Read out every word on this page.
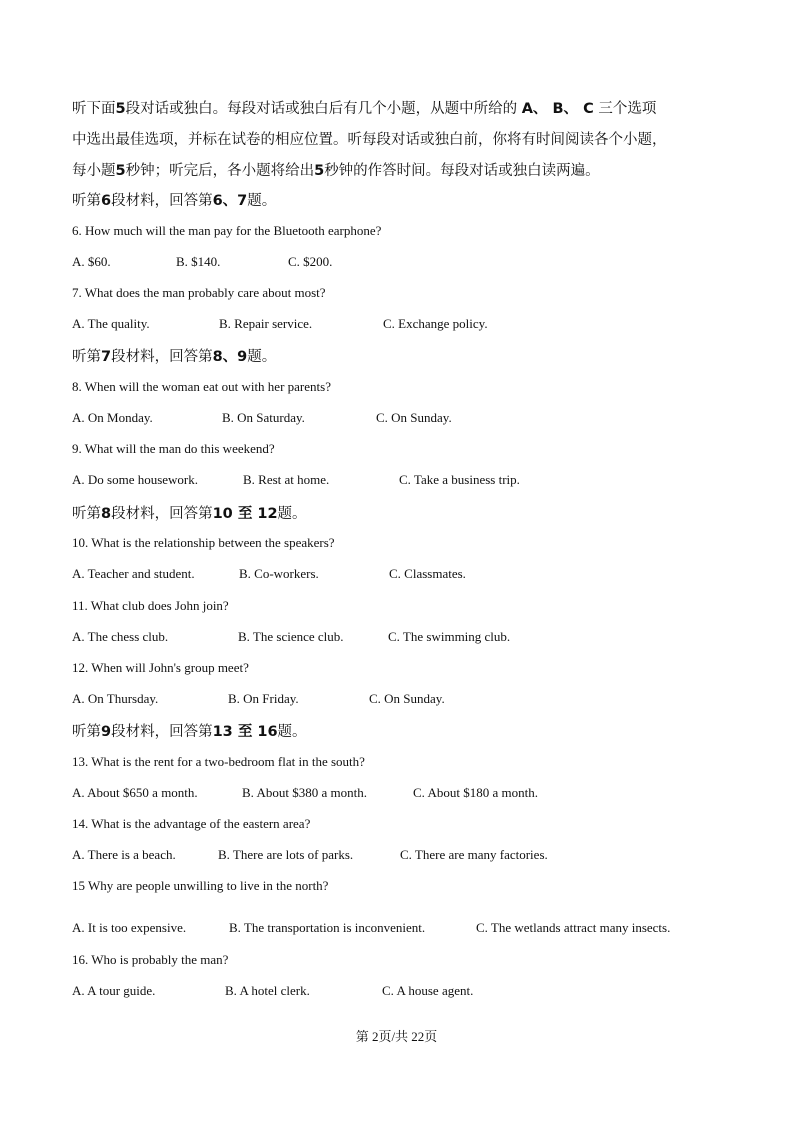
听下面5段对话或独白。每段对话或独白后有几个小题，从题中所给的 A、 B、 C 三个选项
中选出最佳选项，并标在试卷的相应位置。听每段对话或独白前，你将有时间阅读各个小题，
每小题5秒钟；听完后，各小题将给出5秒钟的作答时间。每段对话或独白读两遍。
听第6段材料，回答第6、7题。
6. How much will the man pay for the Bluetooth earphone?
A. $60.	B. $140.	C. $200.
7. What does the man probably care about most?
A. The quality.	B. Repair service.	C. Exchange policy.
听第7段材料，回答第8、9题。
8. When will the woman eat out with her parents?
A. On Monday.	B. On Saturday.	C. On Sunday.
9. What will the man do this weekend?
A. Do some housework.	B. Rest at home.	C. Take a business trip.
听第8段材料，回答第10 至 12题。
10. What is the relationship between the speakers?
A. Teacher and student.	B. Co-workers.	C. Classmates.
11. What club does John join?
A. The chess club.	B. The science club.	C. The swimming club.
12. When will John's group meet?
A. On Thursday.	B. On Friday.	C. On Sunday.
听第9段材料，回答第13 至 16题。
13. What is the rent for a two-bedroom flat in the south?
A. About $650 a month.	B. About $380 a month.	C. About $180 a month.
14. What is the advantage of the eastern area?
A. There is a beach.	B. There are lots of parks.	C. There are many factories.
15 Why are people unwilling to live in the north?
A. It is too expensive.	B. The transportation is inconvenient.	C. The wetlands attract many insects.
16. Who is probably the man?
A. A tour guide.	B. A hotel clerk.	C. A house agent.
第 2页/共 22页
